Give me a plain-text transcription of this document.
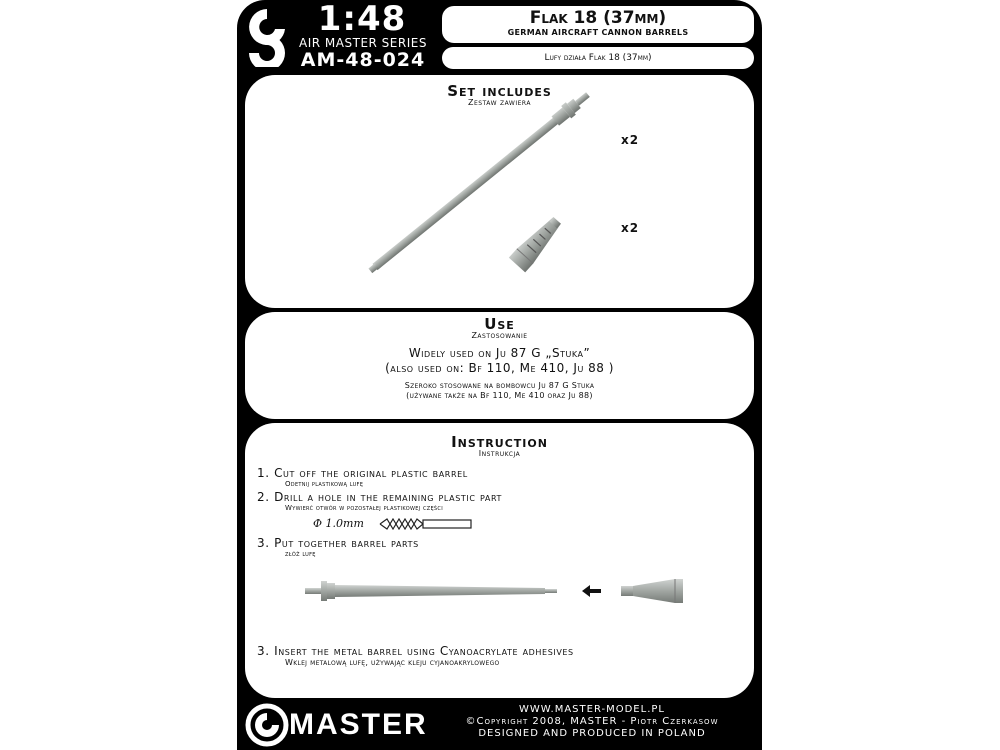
1:48
AIR MASTER SERIES
AM-48-024
Flak 18 (37mm)
GERMAN AIRCRAFT CANNON BARRELS
Lufy działa Flak 18 (37mm)
Set includes
Zestaw zawiera
x2
x2
Use
Zastosowanie
Widely used on Ju 87 G „Stuka”
(also used on: Bf 110, Me 410, Ju 88 )
Szeroko stosowane na bombowcu Ju 87 G Stuka
(używane także na Bf 110, Me 410 oraz Ju 88)
Instruction
Instrukcja
1. Cut off the original plastic barrel
Odetnij plastikową lufę
2. Drill a hole in the remaining plastic part
Wywierć otwór w pozostałej plastikowej części
Φ 1.0mm
3. Put together barrel parts
złóż lufę
3. Insert the metal barrel using Cyanoacrylate adhesives
Wklej metalową lufę, używając kleju cyjanoakrylowego
MASTER	WWW.MASTER-MODEL.PL
©Copyright 2008, MASTER - Piotr Czerkasow
DESIGNED AND PRODUCED IN POLAND
